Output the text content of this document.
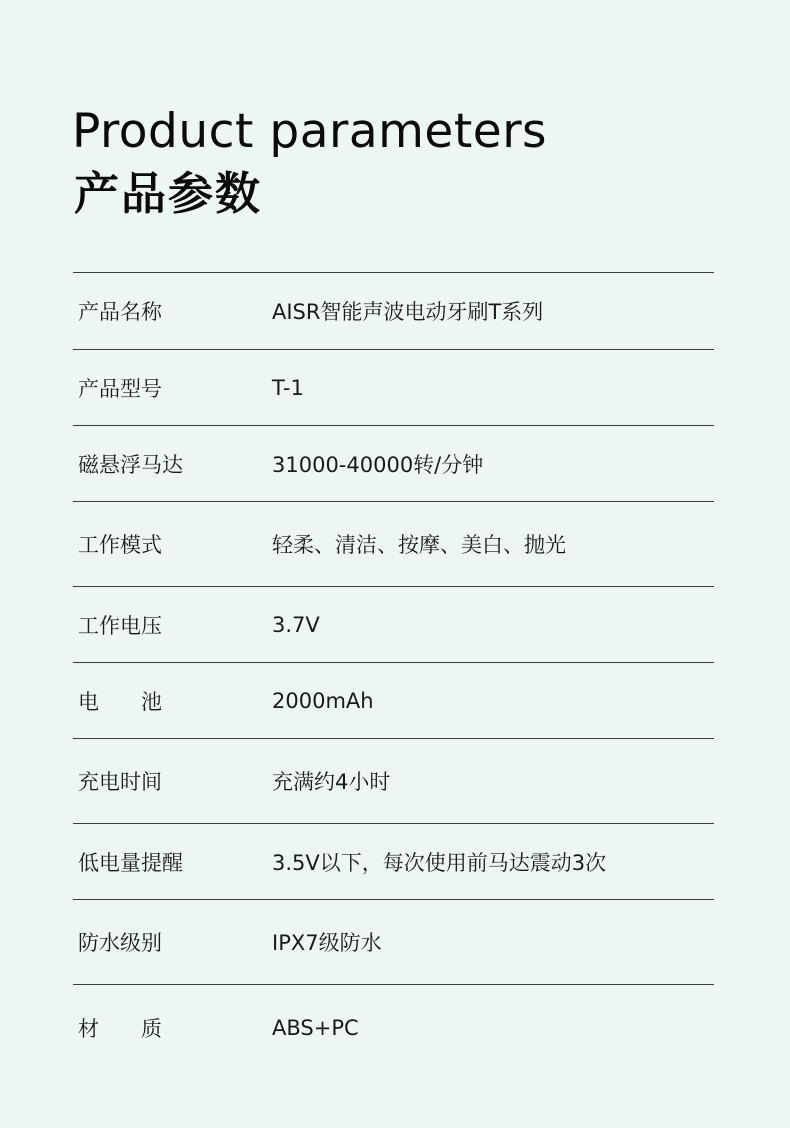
Product parameters
产品参数
产品名称	AISR智能声波电动牙刷T系列
产品型号	T-1
磁悬浮马达	31000-40000转/分钟
工作模式	轻柔、清洁、按摩、美白、抛光
工作电压	3.7V
电　　池	2000mAh
充电时间	充满约4小时
低电量提醒	3.5V以下，每次使用前马达震动3次
防水级别	IPX7级防水
材　　质	ABS+PC
